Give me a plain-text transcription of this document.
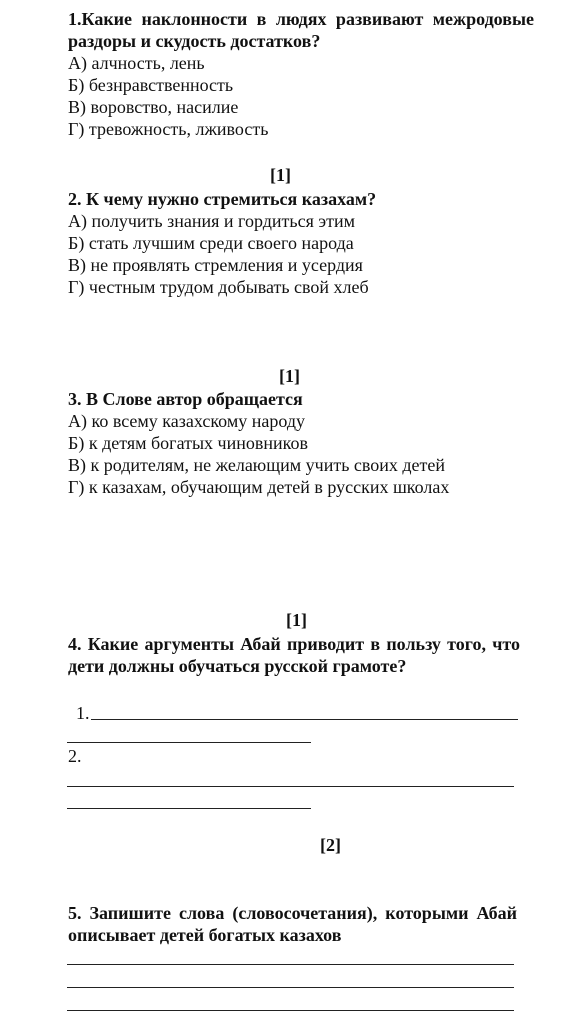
1.Какие наклонности в людях развивают межродовые раздоры и скудость достатков?
А) алчность, лень
Б) безнравственность
В) воровство, насилие
Г) тревожность, лживость
[1]
2. К чему нужно стремиться казахам?
А) получить знания и гордиться этим
Б) стать лучшим среди своего народа
В) не проявлять стремления и усердия
Г) честным трудом добывать свой хлеб
[1]
3. В Слове автор обращается
А) ко всему казахскому народу
Б) к детям богатых чиновников
В) к родителям, не желающим учить своих детей
Г) к казахам, обучающим детей в русских школах
[1]
4. Какие аргументы Абай приводит в пользу того, что дети должны обучаться русской грамоте?
1.
2.
[2]
5. Запишите слова (словосочетания), которыми Абай описывает детей богатых казахов
